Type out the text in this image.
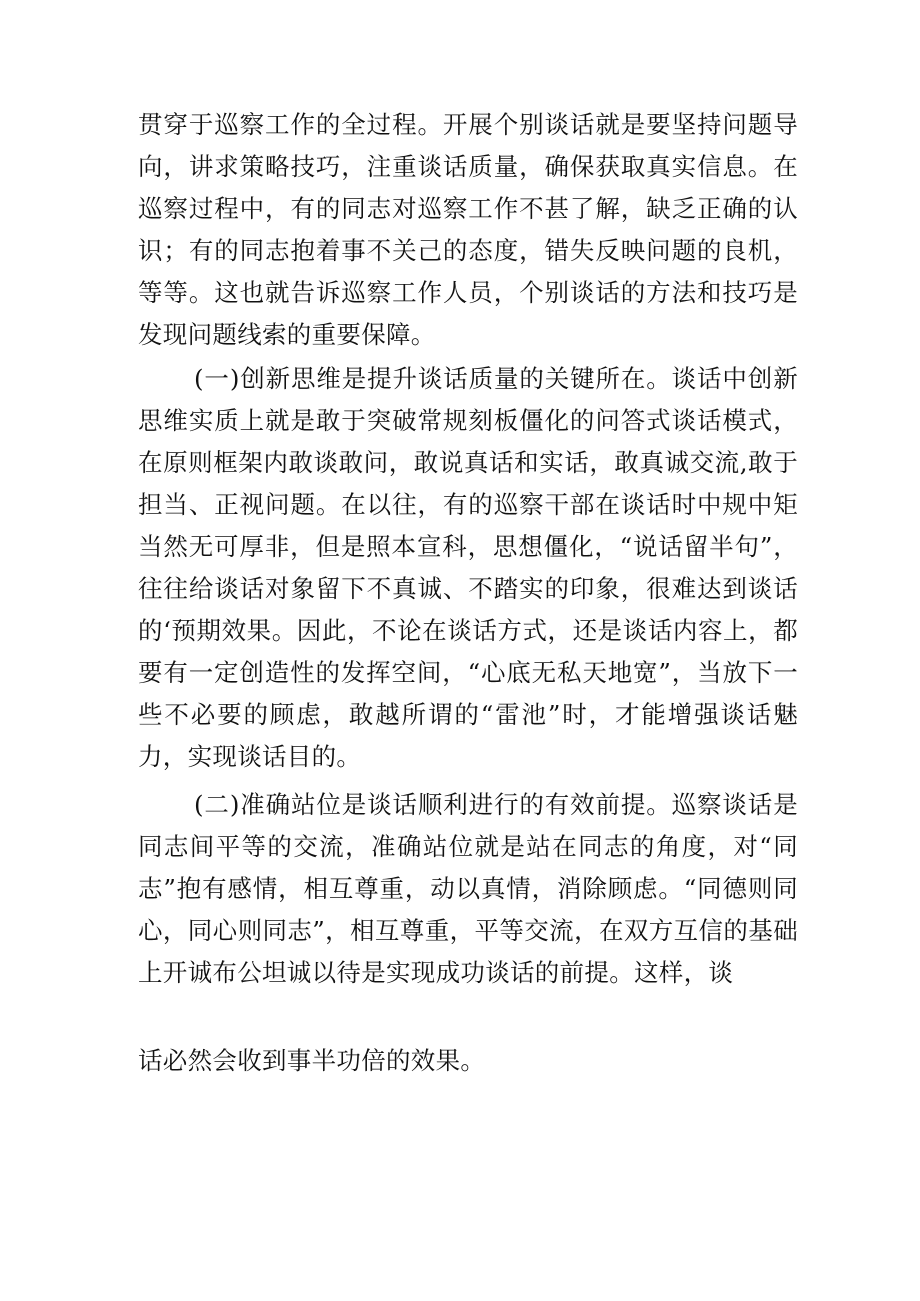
贯穿于巡察工作的全过程。开展个别谈话就是要坚持问题导向，讲求策略技巧，注重谈话质量，确保获取真实信息。在巡察过程中，有的同志对巡察工作不甚了解，缺乏正确的认识；有的同志抱着事不关己的态度，错失反映问题的良机，等等。这也就告诉巡察工作人员，个别谈话的方法和技巧是发现问题线索的重要保障。

(一)创新思维是提升谈话质量的关键所在。谈话中创新思维实质上就是敢于突破常规刻板僵化的问答式谈话模式，在原则框架内敢谈敢问，敢说真话和实话，敢真诚交流,敢于担当、正视问题。在以往，有的巡察干部在谈话时中规中矩当然无可厚非，但是照本宣科，思想僵化，“说话留半句”，往往给谈话对象留下不真诚、不踏实的印象，很难达到谈话的‘预期效果。因此，不论在谈话方式，还是谈话内容上，都要有一定创造性的发挥空间，“心底无私天地宽”，当放下一些不必要的顾虑，敢越所谓的“雷池”时，才能增强谈话魅力，实现谈话目的。

(二)准确站位是谈话顺利进行的有效前提。巡察谈话是同志间平等的交流，准确站位就是站在同志的角度，对“同志”抱有感情，相互尊重，动以真情，消除顾虑。“同德则同心，同心则同志”，相互尊重，平等交流，在双方互信的基础上开诚布公坦诚以待是实现成功谈话的前提。这样，谈

话必然会收到事半功倍的效果。
